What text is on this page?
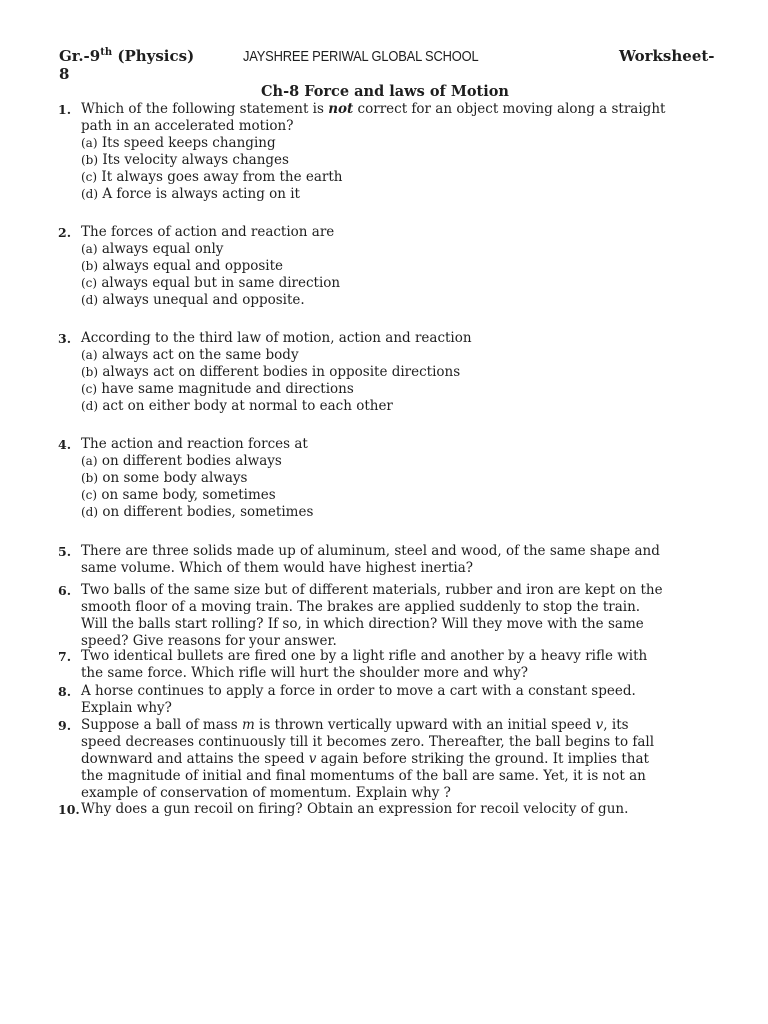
Gr.-9th (Physics)	JAYSHREE PERIWAL GLOBAL SCHOOL	Worksheet-
8
Ch-8 Force and laws of Motion
1. Which of the following statement is not correct for an object moving along a straight path in an accelerated motion?
(a) Its speed keeps changing
(b) Its velocity always changes
(c) It always goes away from the earth
(d) A force is always acting on it
2. The forces of action and reaction are
(a) always equal only
(b) always equal and opposite
(c) always equal but in same direction
(d) always unequal and opposite.
3. According to the third law of motion, action and reaction
(a) always act on the same body
(b) always act on different bodies in opposite directions
(c) have same magnitude and directions
(d) act on either body at normal to each other
4. The action and reaction forces at
(a) on different bodies always
(b) on some body always
(c) on same body, sometimes
(d) on different bodies, sometimes
5. There are three solids made up of aluminum, steel and wood, of the same shape and same volume. Which of them would have highest inertia?
6. Two balls of the same size but of different materials, rubber and iron are kept on the smooth floor of a moving train. The brakes are applied suddenly to stop the train. Will the balls start rolling? If so, in which direction? Will they move with the same speed? Give reasons for your answer.
7. Two identical bullets are fired one by a light rifle and another by a heavy rifle with the same force. Which rifle will hurt the shoulder more and why?
8. A horse continues to apply a force in order to move a cart with a constant speed. Explain why?
9. Suppose a ball of mass m is thrown vertically upward with an initial speed v, its speed decreases continuously till it becomes zero. Thereafter, the ball begins to fall downward and attains the speed v again before striking the ground. It implies that the magnitude of initial and final momentums of the ball are same. Yet, it is not an example of conservation of momentum. Explain why ?
10. Why does a gun recoil on firing? Obtain an expression for recoil velocity of gun.
